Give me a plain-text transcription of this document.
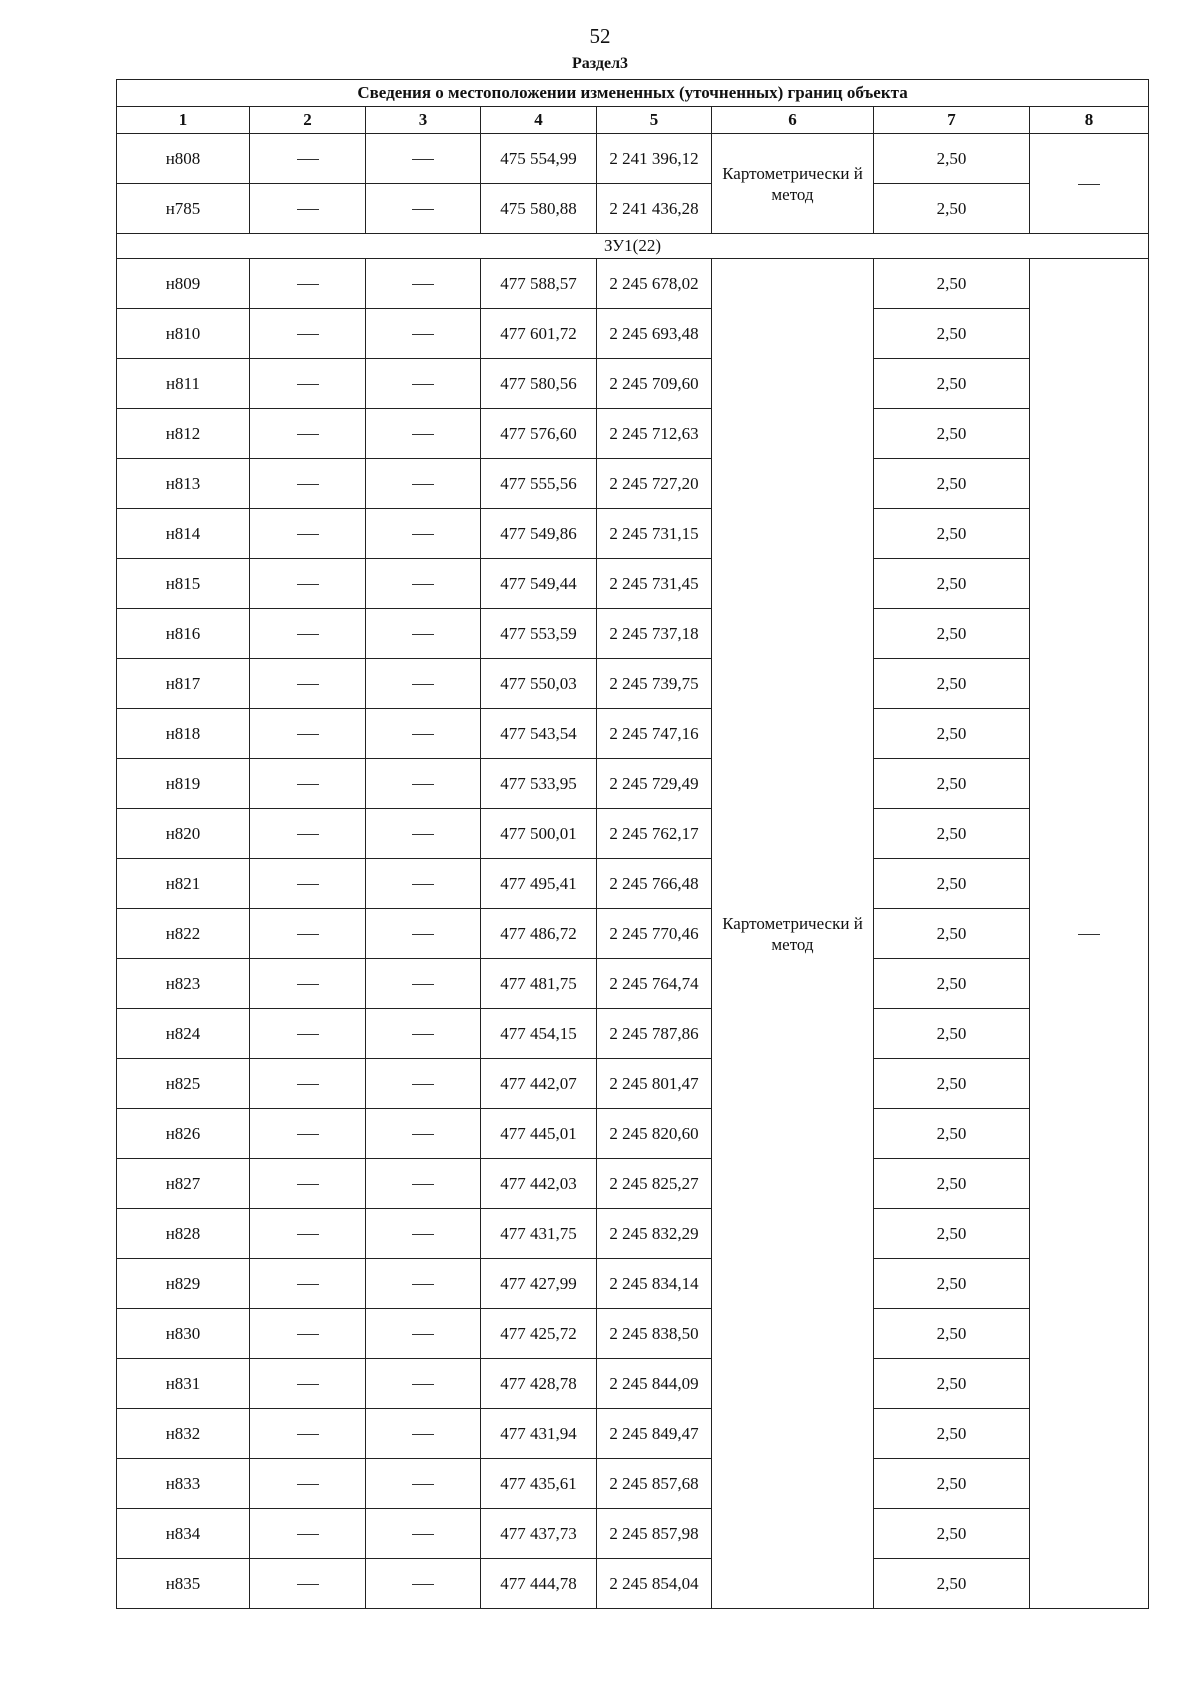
52
Раздел3
Сведения о местоположении измененных (уточненных) границ объекта							
1	2	3	4	5	6	7	8
н808			475 554,99	2 241 396,12	Картометрически й метод	2,50	
н785			475 580,88	2 241 436,28		2,50	
ЗУ1(22)							
н809			477 588,57	2 245 678,02	Картометрически й метод	2,50	
н810			477 601,72	2 245 693,48		2,50	
н811			477 580,56	2 245 709,60		2,50	
н812			477 576,60	2 245 712,63		2,50	
н813			477 555,56	2 245 727,20		2,50	
н814			477 549,86	2 245 731,15		2,50	
н815			477 549,44	2 245 731,45		2,50	
н816			477 553,59	2 245 737,18		2,50	
н817			477 550,03	2 245 739,75		2,50	
н818			477 543,54	2 245 747,16		2,50	
н819			477 533,95	2 245 729,49		2,50	
н820			477 500,01	2 245 762,17		2,50	
н821			477 495,41	2 245 766,48		2,50	
н822			477 486,72	2 245 770,46		2,50	
н823			477 481,75	2 245 764,74		2,50	
н824			477 454,15	2 245 787,86		2,50	
н825			477 442,07	2 245 801,47		2,50	
н826			477 445,01	2 245 820,60		2,50	
н827			477 442,03	2 245 825,27		2,50	
н828			477 431,75	2 245 832,29		2,50	
н829			477 427,99	2 245 834,14		2,50	
н830			477 425,72	2 245 838,50		2,50	
н831			477 428,78	2 245 844,09		2,50	
н832			477 431,94	2 245 849,47		2,50	
н833			477 435,61	2 245 857,68		2,50	
н834			477 437,73	2 245 857,98		2,50	
н835			477 444,78	2 245 854,04		2,50	
